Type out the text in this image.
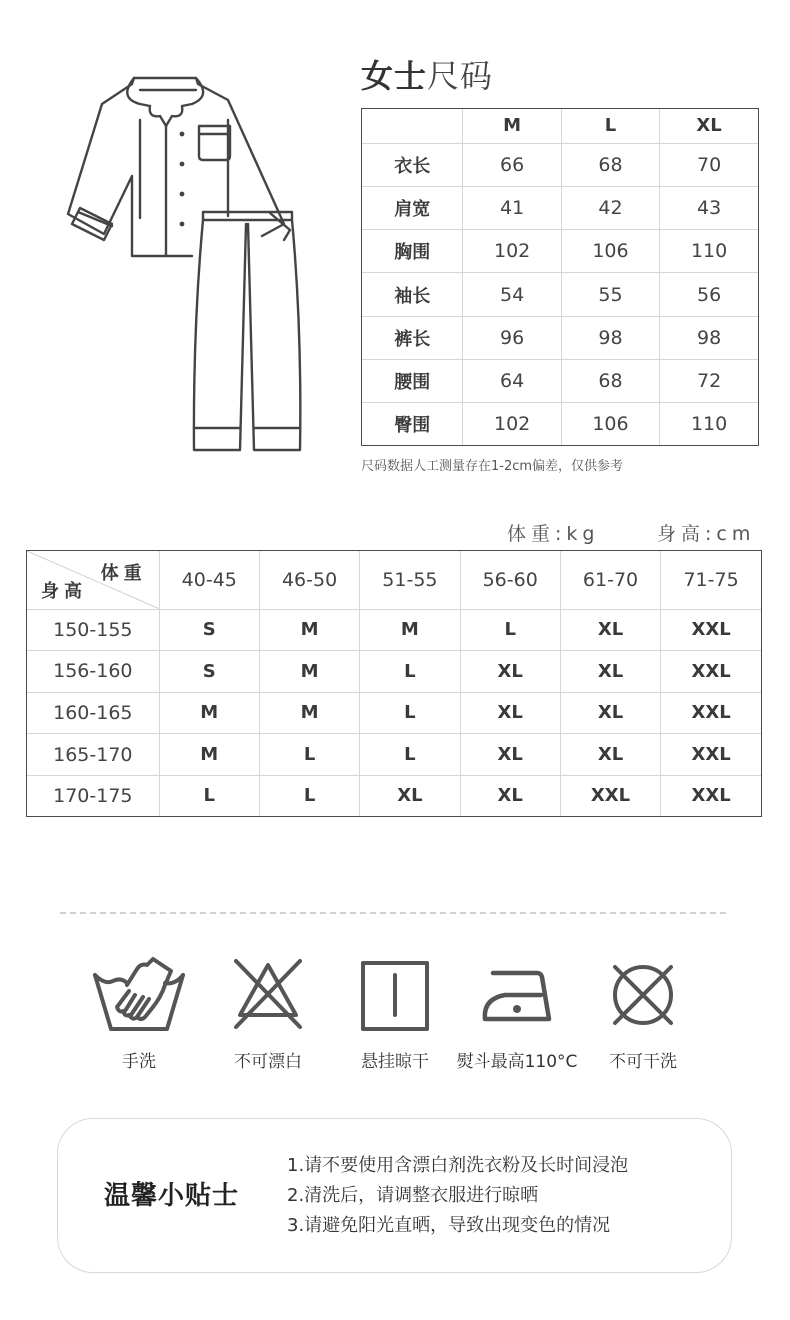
女士尺码
	M	L	XL
衣长	66	68	70
肩宽	41	42	43
胸围	102	106	110
袖长	54	55	56
裤长	96	98	98
腰围	64	68	72
臀围	102	106	110
尺码数据人工测量存在1-2cm偏差，仅供参考
体重:kg	身高:cm
体重
身高	40-45	46-50	51-55	56-60	61-70	71-75
150-155	S	M	M	L	XL	XXL
156-160	S	M	L	XL	XL	XXL
160-165	M	M	L	XL	XL	XXL
165-170	M	L	L	XL	XL	XXL
170-175	L	L	XL	XL	XXL	XXL
手洗	不可漂白	悬挂晾干	熨斗最高110°C	不可干洗
温馨小贴士
1.请不要使用含漂白剂洗衣粉及长时间浸泡
2.清洗后，请调整衣服进行晾晒
3.请避免阳光直晒，导致出现变色的情况
